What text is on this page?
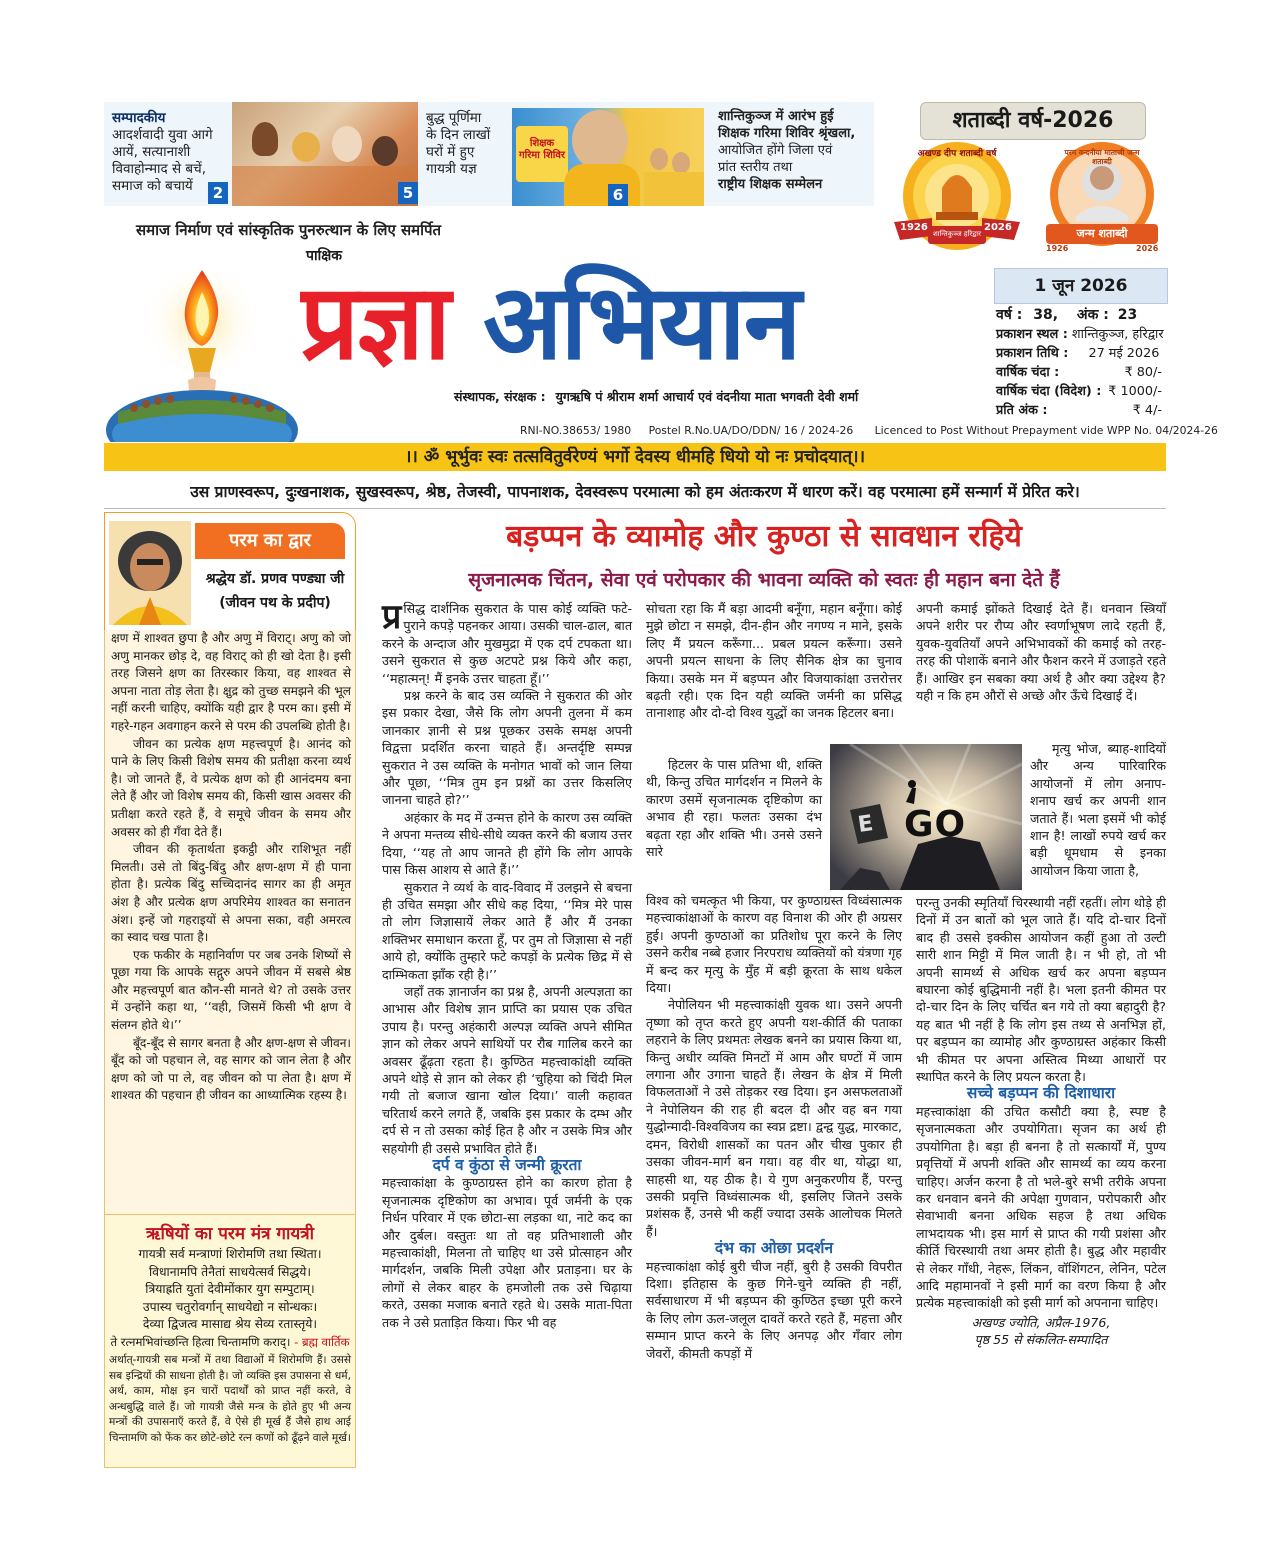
सम्पादकीय
आदर्शवादी युवा आगे
आयें, सत्यानाशी
विवाहोन्माद से बचें,
समाज को बचायें	2	5
बुद्ध पूर्णिमा
के दिन लाखों
घरों में हुए
गायत्री यज्ञ
शिक्षक गरिमा शिविर
6
शान्तिकुञ्ज में आरंभ हुई
शिक्षक गरिमा शिविर श्रृंखला,
आयोजित होंगे जिला एवं
प्रांत स्तरीय तथा
राष्ट्रीय शिक्षक सम्मेलन
शताब्दी वर्ष-2026
अखण्ड दीप शताब्दी वर्ष
1926	2026
शान्तिकुञ्ज हरिद्वार
परम वन्दनीया माताजी जन्म शताब्दी
जन्म शताब्दी
1926	2026
समाज निर्माण एवं सांस्कृतिक पुनरुत्थान के लिए समर्पित
पाक्षिक
प्रज्ञा अभियान
संस्थापक, संरक्षक : युगऋषि पं श्रीराम शर्मा आचार्य एवं वंदनीया माता भगवती देवी शर्मा
RNI-NO.38653/ 1980 Postel R.No.UA/DO/DDN/ 16 / 2024-26 Licenced to Post Without Prepayment vide WPP No. 04/2024-26
1 जून 2026
वर्ष : 38, अंक : 23
प्रकाशन स्थल : शान्तिकुञ्ज, हरिद्वार
प्रकाशन तिथि : 27 मई 2026
वार्षिक चंदा :	₹ 80/-
वार्षिक चंदा (विदेश) : ₹ 1000/-
प्रति अंक :	₹ 4/-
।। ॐ भूर्भुवः स्वः तत्सवितुर्वरेण्यं भर्गो देवस्य धीमहि धियो यो नः प्रचोदयात्।।
उस प्राणस्वरूप, दुःखनाशक, सुखस्वरूप, श्रेष्ठ, तेजस्वी, पापनाशक, देवस्वरूप परमात्मा को हम अंतःकरण में धारण करें। वह परमात्मा हमें सन्मार्ग में प्रेरित करे।
परम का द्वार
श्रद्धेय डॉ. प्रणव पण्ड्या जी
(जीवन पथ के प्रदीप)

क्षण में शाश्वत छुपा है और अणु में विराट्। अणु को जो अणु मानकर छोड़ दे, वह विराट् को ही खो देता है। इसी तरह जिसने क्षण का तिरस्कार किया, वह शाश्वत से अपना नाता तोड़ लेता है। क्षुद्र को तुच्छ समझने की भूल नहीं करनी चाहिए, क्योंकि यही द्वार है परम का। इसी में गहरे-गहन अवगाहन करने से परम की उपलब्धि होती है।

जीवन का प्रत्येक क्षण महत्त्वपूर्ण है। आनंद को पाने के लिए किसी विशेष समय की प्रतीक्षा करना व्यर्थ है। जो जानते हैं, वे प्रत्येक क्षण को ही आनंदमय बना लेते हैं और जो विशेष समय की, किसी खास अवसर की प्रतीक्षा करते रहते हैं, वे समूचे जीवन के समय और अवसर को ही गँवा देते हैं।

जीवन की कृतार्थता इकट्ठी और राशिभूत नहीं मिलती। उसे तो बिंदु-बिंदु और क्षण-क्षण में ही पाना होता है। प्रत्येक बिंदु सच्चिदानंद सागर का ही अमृत अंश है और प्रत्येक क्षण अपरिमेय शाश्वत का सनातन अंश। इन्हें जो गहराइयों से अपना सका, वही अमरत्व का स्वाद चख पाता है।

एक फकीर के महानिर्वाण पर जब उनके शिष्यों से पूछा गया कि आपके सद्गुरु अपने जीवन में सबसे श्रेष्ठ और महत्त्वपूर्ण बात कौन-सी मानते थे? तो उसके उत्तर में उन्होंने कहा था, ‘‘वही, जिसमें किसी भी क्षण वे संलग्न होते थे।’’

बूँद-बूँद से सागर बनता है और क्षण-क्षण से जीवन। बूँद को जो पहचान ले, वह सागर को जान लेता है और क्षण को जो पा ले, वह जीवन को पा लेता है। क्षण में शाश्वत की पहचान ही जीवन का आध्यात्मिक रहस्य है।

ऋषियों का परम मंत्र गायत्री

गायत्री सर्व मन्त्राणां शिरोमणि तथा स्थिता।

विधानामपि तेनैतां साधयेत्सर्व सिद्धये।

त्रियाह्रति युतां देवीमोंकार युग सम्पुटाम्।

उपास्य चतुरोवर्गान् साधयेद्यो न सोन्धकः।

देव्या द्विजत्व मासाद्य श्रेय सेव्य रतास्तृये।

ते रत्नमभिवांच्छन्ति हित्वा चिन्तामणि कराद्। - ब्रह्म वार्तिक

अर्थात्-गायत्री सब मन्त्रों में तथा विद्याओं में शिरोमणि हैं। उससे सब इन्द्रियों की साधना होती है। जो व्यक्ति इस उपासना से धर्म, अर्थ, काम, मोक्ष इन चारों पदार्थों को प्राप्त नहीं करते, वे अन्धबुद्धि वाले हैं। जो गायत्री जैसे मन्त्र के होते हुए भी अन्य मन्त्रों की उपासनाएँ करते हैं, वे ऐसे ही मूर्ख हैं जैसे हाथ आई चिन्तामणि को फेंक कर छोटे-छोटे रत्न कणों को ढूँढ़ने वाले मूर्ख।

बड़प्पन के व्यामोह और कुण्ठा से सावधान रहिये
सृजनात्मक चिंतन, सेवा एवं परोपकार की भावना व्यक्ति को स्वतः ही महान बना देते हैं

प्र सिद्ध दार्शनिक सुकरात के पास कोई व्यक्ति फटे-पुराने कपड़े पहनकर आया। उसकी चाल-ढाल, बात करने के अन्दाज और मुखमुद्रा में एक दर्प टपकता था। उसने सुकरात से कुछ अटपटे प्रश्न किये और कहा, ‘‘महात्मन्! मैं इनके उत्तर चाहता हूँ।’’

प्रश्न करने के बाद उस व्यक्ति ने सुकरात की ओर इस प्रकार देखा, जैसे कि लोग अपनी तुलना में कम जानकार ज्ञानी से प्रश्न पूछकर उसके समक्ष अपनी विद्वत्ता प्रदर्शित करना चाहते हैं। अन्तर्दृष्टि सम्पन्न सुकरात ने उस व्यक्ति के मनोगत भावों को जान लिया और पूछा, ‘‘मित्र तुम इन प्रश्नों का उत्तर किसलिए जानना चाहते हो?’’

अहंकार के मद में उन्मत्त होने के कारण उस व्यक्ति ने अपना मन्तव्य सीधे-सीधे व्यक्त करने की बजाय उत्तर दिया, ‘‘यह तो आप जानते ही होंगे कि लोग आपके पास किस आशय से आते हैं।’’

सुकरात ने व्यर्थ के वाद-विवाद में उलझने से बचना ही उचित समझा और सीधे कह दिया, ‘‘मित्र मेरे पास तो लोग जिज्ञासायें लेकर आते हैं और मैं उनका शक्तिभर समाधान करता हूँ, पर तुम तो जिज्ञासा से नहीं आये हो, क्योंकि तुम्हारे फटे कपड़ों के प्रत्येक छिद्र में से दाम्भिकता झाँक रही है।’’

जहाँ तक ज्ञानार्जन का प्रश्न है, अपनी अल्पज्ञता का आभास और विशेष ज्ञान प्राप्ति का प्रयास एक उचित उपाय है। परन्तु अहंकारी अल्पज्ञ व्यक्ति अपने सीमित ज्ञान को लेकर अपने साथियों पर रौब गालिब करने का अवसर ढूँढ़ता रहता है। कुण्ठित महत्त्वाकांक्षी व्यक्ति अपने थोड़े से ज्ञान को लेकर ही ‘चुहिया को चिंदी मिल गयी तो बजाज खाना खोल दिया।’ वाली कहावत चरितार्थ करने लगते हैं, जबकि इस प्रकार के दम्भ और दर्प से न तो उसका कोई हित है और न उसके मित्र और सहयोगी ही उससे प्रभावित होते हैं।

दर्प व कुंठा से जन्मी क्रूरता

महत्त्वाकांक्षा के कुण्ठाग्रस्त होने का कारण होता है सृजनात्मक दृष्टिकोण का अभाव। पूर्व जर्मनी के एक निर्धन परिवार में एक छोटा-सा लड़का था, नाटे कद का और दुर्बल। वस्तुतः था तो वह प्रतिभाशाली और महत्त्वाकांक्षी, मिलना तो चाहिए था उसे प्रोत्साहन और मार्गदर्शन, जबकि मिली उपेक्षा और प्रताड़ना। घर के लोगों से लेकर बाहर के हमजोली तक उसे चिढ़ाया करते, उसका मजाक बनाते रहते थे। उसके माता-पिता तक ने उसे प्रताड़ित किया। फिर भी वह

सोचता रहा कि मैं बड़ा आदमी बनूँगा, महान बनूँगा। कोई मुझे छोटा न समझे, दीन-हीन और नगण्य न माने, इसके लिए मैं प्रयत्न करूँगा... प्रबल प्रयत्न करूँगा। उसने अपनी प्रयत्न साधना के लिए सैनिक क्षेत्र का चुनाव किया। उसके मन में बड़प्पन और विजयाकांक्षा उत्तरोत्तर बढ़ती रही। एक दिन यही व्यक्ति जर्मनी का प्रसिद्ध तानाशाह और दो-दो विश्व युद्धों का जनक हिटलर बना।

हिटलर के पास प्रतिभा थी, शक्ति थी, किन्तु उचित मार्गदर्शन न मिलने के कारण उसमें सृजनात्मक दृष्टिकोण का अभाव ही रहा। फलतः उसका दंभ बढ़ता रहा और शक्ति भी। उनसे उसने सारे

विश्व को चमत्कृत भी किया, पर कुण्ठाग्रस्त विध्वंसात्मक महत्त्वाकांक्षाओं के कारण वह विनाश की ओर ही अग्रसर हुई। अपनी कुण्ठाओं का प्रतिशोध पूरा करने के लिए उसने करीब नब्बे हजार निरपराध व्यक्तियों को यंत्रणा गृह में बन्द कर मृत्यु के मुँह में बड़ी क्रूरता के साथ धकेल दिया।

नेपोलियन भी महत्त्वाकांक्षी युवक था। उसने अपनी तृष्णा को तृप्त करते हुए अपनी यश-कीर्ति की पताका लहराने के लिए प्रथमतः लेखक बनने का प्रयास किया था, किन्तु अधीर व्यक्ति मिनटों में आम और घण्टों में जाम लगाना और उगाना चाहते हैं। लेखन के क्षेत्र में मिली विफलताओं ने उसे तोड़कर रख दिया। इन असफलताओं ने नेपोलियन की राह ही बदल दी और वह बन गया युद्धोन्मादी-विश्वविजय का स्वप्न द्रष्टा। द्वन्द्व युद्ध, मारकाट, दमन, विरोधी शासकों का पतन और चीख पुकार ही उसका जीवन-मार्ग बन गया। वह वीर था, योद्धा था, साहसी था, यह ठीक है। ये गुण अनुकरणीय हैं, परन्तु उसकी प्रवृत्ति विध्वंसात्मक थी, इसलिए जितने उसके प्रशंसक हैं, उनसे भी कहीं ज्यादा उसके आलोचक मिलते हैं।

दंभ का ओछा प्रदर्शन

महत्त्वाकांक्षा कोई बुरी चीज नहीं, बुरी है उसकी विपरीत दिशा। इतिहास के कुछ गिने-चुने व्यक्ति ही नहीं, सर्वसाधारण में भी बड़प्पन की कुण्ठित इच्छा पूरी करने के लिए लोग ऊल-जलूल दावतें करते रहते हैं, महत्ता और सम्मान प्राप्त करने के लिए अनपढ़ और गँवार लोग जेवरों, कीमती कपड़ों में

E GO

अपनी कमाई झोंकते दिखाई देते हैं। धनवान स्त्रियाँ अपने शरीर पर रौप्य और स्वर्णाभूषण लादे रहती हैं, युवक-युवतियाँ अपने अभिभावकों की कमाई को तरह-तरह की पोशाकें बनाने और फैशन करने में उजाड़ते रहते हैं। आखिर इन सबका क्या अर्थ है और क्या उद्देश्य है? यही न कि हम औरों से अच्छे और ऊँचे दिखाई दें।

मृत्यु भोज, ब्याह-शादियों और अन्य पारिवारिक आयोजनों में लोग अनाप-शनाप खर्च कर अपनी शान जताते हैं। भला इसमें भी कोई शान है! लाखों रुपये खर्च कर बड़ी धूमधाम से इनका आयोजन किया जाता है,

परन्तु उनकी स्मृतियाँ चिरस्थायी नहीं रहतीं। लोग थोड़े ही दिनों में उन बातों को भूल जाते हैं। यदि दो-चार दिनों बाद ही उससे इक्कीस आयोजन कहीं हुआ तो उल्टी सारी शान मिट्टी में मिल जाती है। न भी हो, तो भी अपनी सामर्थ्य से अधिक खर्च कर अपना बड़प्पन बघारना कोई बुद्धिमानी नहीं है। भला इतनी कीमत पर दो-चार दिन के लिए चर्चित बन गये तो क्या बहादुरी है? यह बात भी नहीं है कि लोग इस तथ्य से अनभिज्ञ हों, पर बड़प्पन का व्यामोह और कुण्ठाग्रस्त अहंकार किसी भी कीमत पर अपना अस्तित्व मिथ्या आधारों पर स्थापित करने के लिए प्रयत्न करता है।

सच्चे बड़प्पन की दिशाधारा

महत्त्वाकांक्षा की उचित कसौटी क्या है, स्पष्ट है सृजनात्मकता और उपयोगिता। सृजन का अर्थ ही उपयोगिता है। बड़ा ही बनना है तो सत्कार्यों में, पुण्य प्रवृत्तियों में अपनी शक्ति और सामर्थ्य का व्यय करना चाहिए। अर्जन करना है तो भले-बुरे सभी तरीके अपना कर धनवान बनने की अपेक्षा गुणवान, परोपकारी और सेवाभावी बनना अधिक सहज है तथा अधिक लाभदायक भी। इस मार्ग से प्राप्त की गयी प्रशंसा और कीर्ति चिरस्थायी तथा अमर होती है। बुद्ध और महावीर से लेकर गाँधी, नेहरू, लिंकन, वॉशिंगटन, लेनिन, पटेल आदि महामानवों ने इसी मार्ग का वरण किया है और प्रत्येक महत्त्वाकांक्षी को इसी मार्ग को अपनाना चाहिए।

अखण्ड ज्योति, अप्रैल-1976,

पृष्ठ 55 से संकलित-सम्पादित
